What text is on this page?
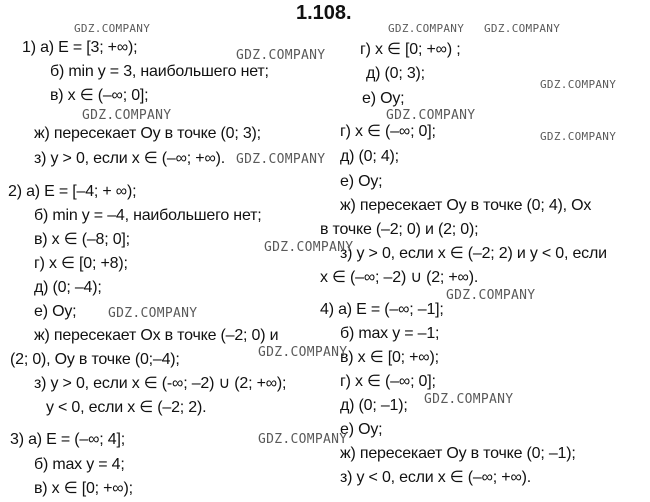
1.108.
1) а) E = [3; +∞);
б) min y = 3, наибольшего нет;
в) x ∈ (–∞; 0];
ж) пересекает Oy в точке (0; 3);
з) y > 0, если x ∈ (–∞; +∞).
2) а) E = [–4; + ∞);
б) min y = –4, наибольшего нет;
в) x ∈ (–8; 0];
г) x ∈ [0; +8);
д) (0; –4);
е) Oy;
ж) пересекает Ox в точке (–2; 0) и
(2; 0), Oy в точке (0;–4);
з) y > 0, если x ∈ (-∞; –2) ∪ (2; +∞);
y < 0, если x ∈ (–2; 2).
3) а) E = (–∞; 4];
б) max y = 4;
в) x ∈ [0; +∞);
г) x ∈ [0; +∞) ;
д) (0; 3);
е) Oy;
г) x ∈ (–∞; 0];
д) (0; 4);
е) Oy;
ж) пересекает Oy в точке (0; 4), Ox
в точке (–2; 0) и (2; 0);
з) y > 0, если x ∈ (–2; 2) и y < 0, если
x ∈ (–∞; –2) ∪ (2; +∞).
4) а) E = (–∞; –1];
б) max y = –1;
в) x ∈ [0; +∞);
г) x ∈ (–∞; 0];
д) (0; –1);
е) Oy;
ж) пересекает Oy в точке (0; –1);
з) y < 0, если x ∈ (–∞; +∞).
GDZ.COMPANY	GDZ.COMPANY GDZ.COMPANY
GDZ.COMPANY
GDZ.COMPANY
GDZ.COMPANY	GDZ.COMPANY
GDZ.COMPANY
GDZ.COMPANY
GDZ.COMPANY
GDZ.COMPANY
GDZ.COMPANY
GDZ.COMPANY
GDZ.COMPANY
GDZ.COMPANY
